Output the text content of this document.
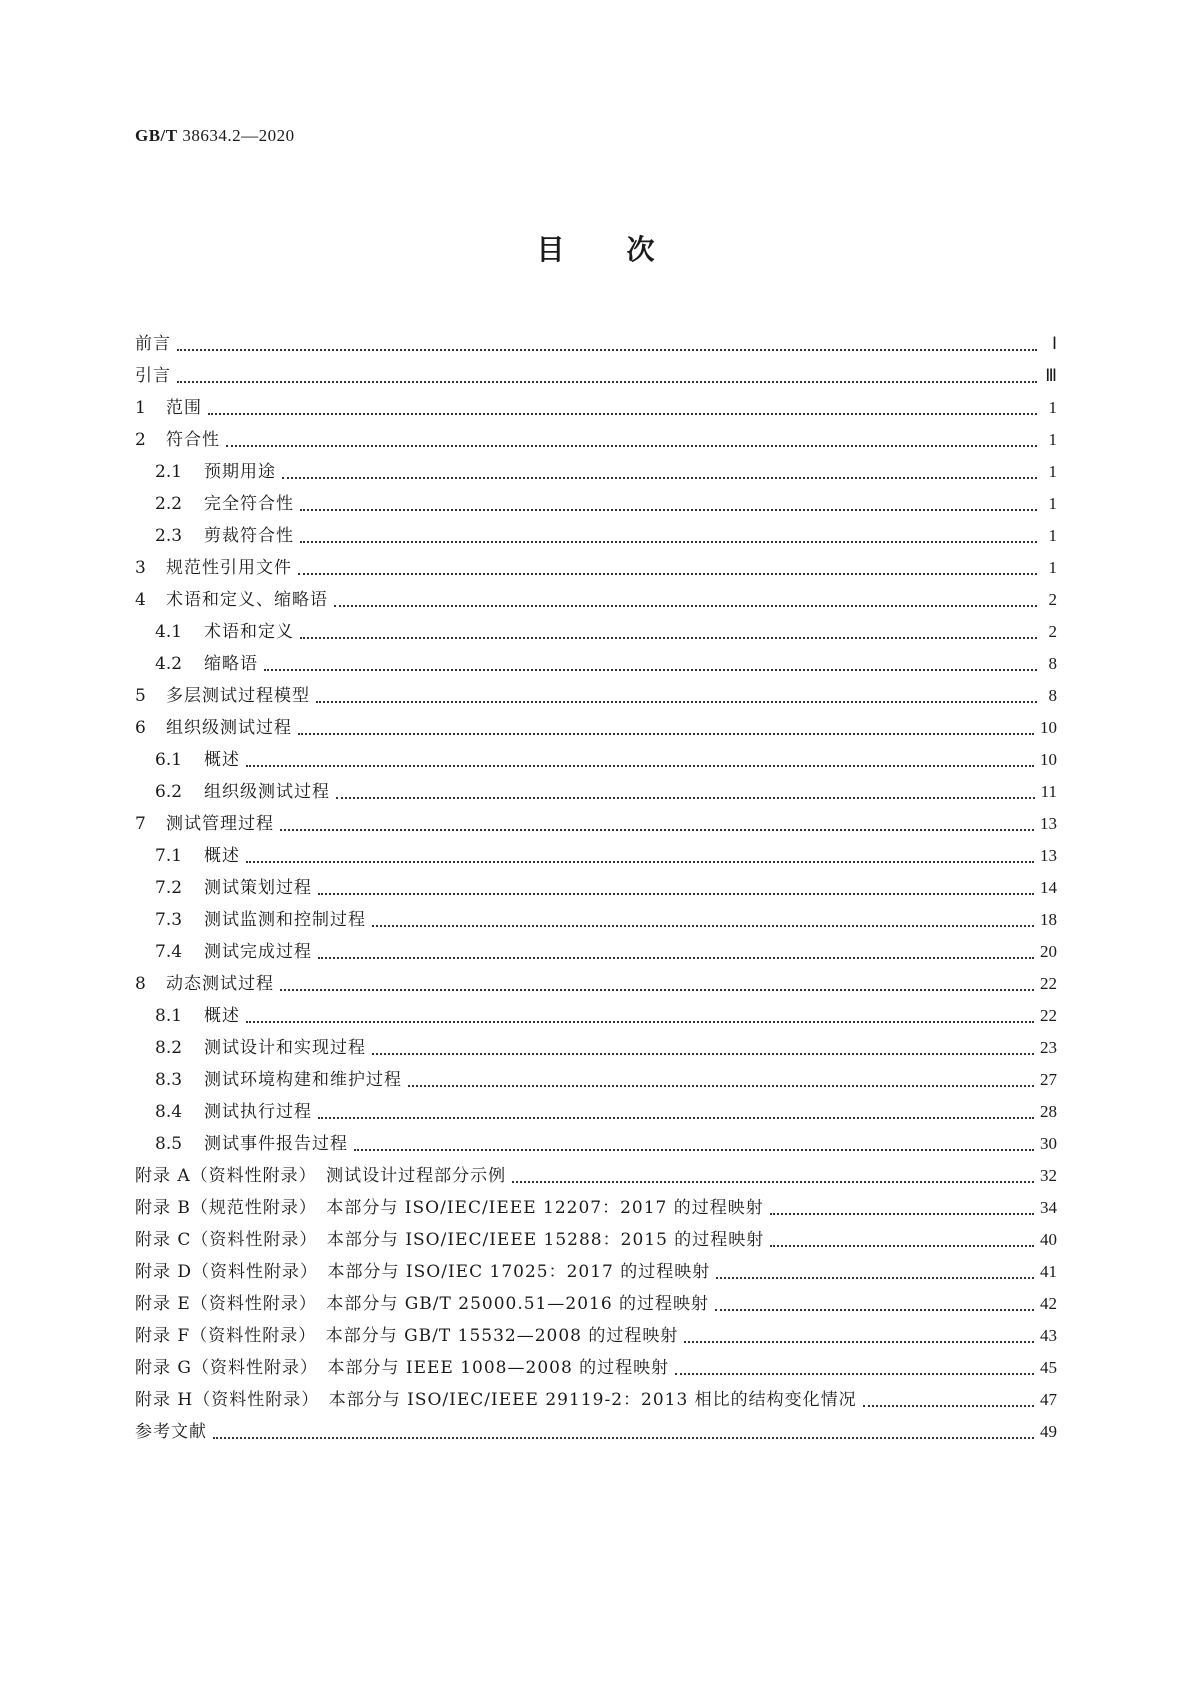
GB/T 38634.2—2020
目 次
前言	Ⅰ
引言	Ⅲ
1	范围	1
2	符合性	1
2.1	预期用途	1
2.2	完全符合性	1
2.3	剪裁符合性	1
3	规范性引用文件	1
4	术语和定义、缩略语	2
4.1	术语和定义	2
4.2	缩略语	8
5	多层测试过程模型	8
6	组织级测试过程	10
6.1	概述	10
6.2	组织级测试过程	11
7	测试管理过程	13
7.1	概述	13
7.2	测试策划过程	14
7.3	测试监测和控制过程	18
7.4	测试完成过程	20
8	动态测试过程	22
8.1	概述	22
8.2	测试设计和实现过程	23
8.3	测试环境构建和维护过程	27
8.4	测试执行过程	28
8.5	测试事件报告过程	30
附录 A（资料性附录）　测试设计过程部分示例	32
附录 B（规范性附录）　本部分与 ISO/IEC/IEEE 12207：2017 的过程映射	34
附录 C（资料性附录）　本部分与 ISO/IEC/IEEE 15288：2015 的过程映射	40
附录 D（资料性附录）　本部分与 ISO/IEC 17025：2017 的过程映射	41
附录 E（资料性附录）　本部分与 GB/T 25000.51—2016 的过程映射	42
附录 F（资料性附录）　本部分与 GB/T 15532—2008 的过程映射	43
附录 G（资料性附录）　本部分与 IEEE 1008—2008 的过程映射	45
附录 H（资料性附录）　本部分与 ISO/IEC/IEEE 29119-2：2013 相比的结构变化情况	47
参考文献	49
